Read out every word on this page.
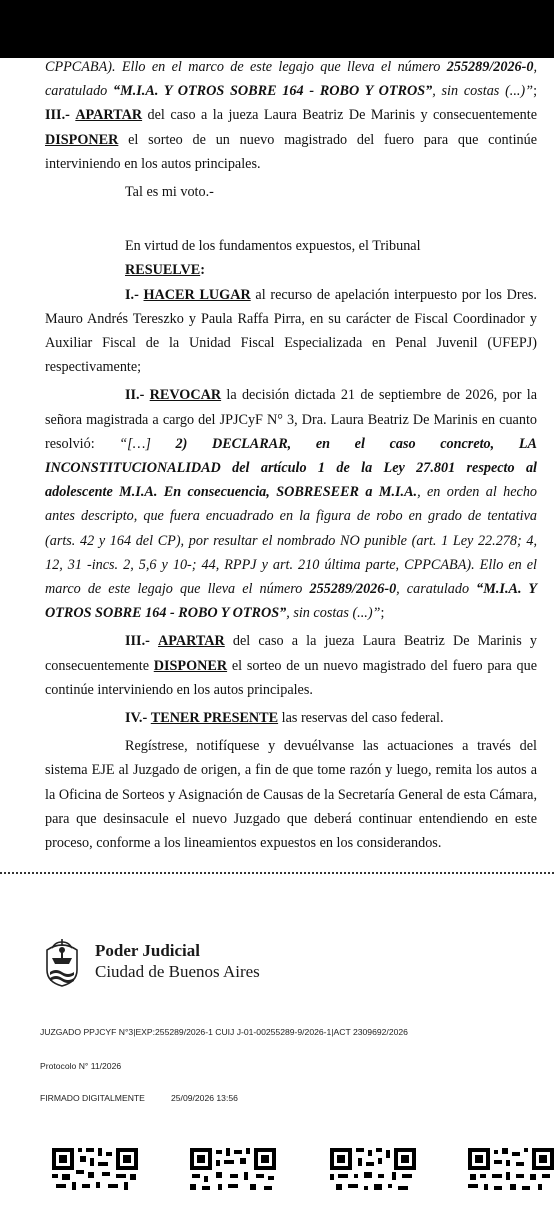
CPPCABA). Ello en el marco de este legajo que lleva el número 255289/2026-0, caratulado “M.I.A. Y OTROS SOBRE 164 - ROBO Y OTROS”, sin costas (...)”; III.- APARTAR del caso a la jueza Laura Beatriz De Marinis y consecuentemente DISPONER el sorteo de un nuevo magistrado del fuero para que continúe interviniendo en los autos principales.

Tal es mi voto.-

En virtud de los fundamentos expuestos, el Tribunal

RESUELVE:

I.- HACER LUGAR al recurso de apelación interpuesto por los Dres. Mauro Andrés Tereszko y Paula Raffa Pirra, en su carácter de Fiscal Coordinador y Auxiliar Fiscal de la Unidad Fiscal Especializada en Penal Juvenil (UFEPJ) respectivamente;

II.- REVOCAR la decisión dictada 21 de septiembre de 2026, por la señora magistrada a cargo del JPJCyF N° 3, Dra. Laura Beatriz De Marinis en cuanto resolvió: “[…] 2) DECLARAR, en el caso concreto, LA INCONSTITUCIONALIDAD del artículo 1 de la Ley 27.801 respecto al adolescente M.I.A. En consecuencia, SOBRESEER a M.I.A., en orden al hecho antes descripto, que fuera encuadrado en la figura de robo en grado de tentativa (arts. 42 y 164 del CP), por resultar el nombrado NO punible (art. 1 Ley 22.278; 4, 12, 31 -incs. 2, 5,6 y 10-; 44, RPPJ y art. 210 última parte, CPPCABA). Ello en el marco de este legajo que lleva el número 255289/2026-0, caratulado “M.I.A. Y OTROS SOBRE 164 - ROBO Y OTROS”, sin costas (...)”;

III.- APARTAR del caso a la jueza Laura Beatriz De Marinis y consecuentemente DISPONER el sorteo de un nuevo magistrado del fuero para que continúe interviniendo en los autos principales.

IV.- TENER PRESENTE las reservas del caso federal.

Regístrese, notifíquese y devuélvanse las actuaciones a través del sistema EJE al Juzgado de origen, a fin de que tome razón y luego, remita los autos a la Oficina de Sorteos y Asignación de Causas de la Secretaría General de esta Cámara, para que desinsacule el nuevo Juzgado que deberá continuar entendiendo en este proceso, conforme a los lineamientos expuestos en los considerandos.

Poder Judicial
Ciudad de Buenos Aires
JUZGADO PPJCYF N°3|EXP:255289/2026-1 CUIJ J-01-00255289-9/2026-1|ACT 2309692/2026
Protocolo N° 11/2026
FIRMADO DIGITALMENTE	25/09/2026 13:56
